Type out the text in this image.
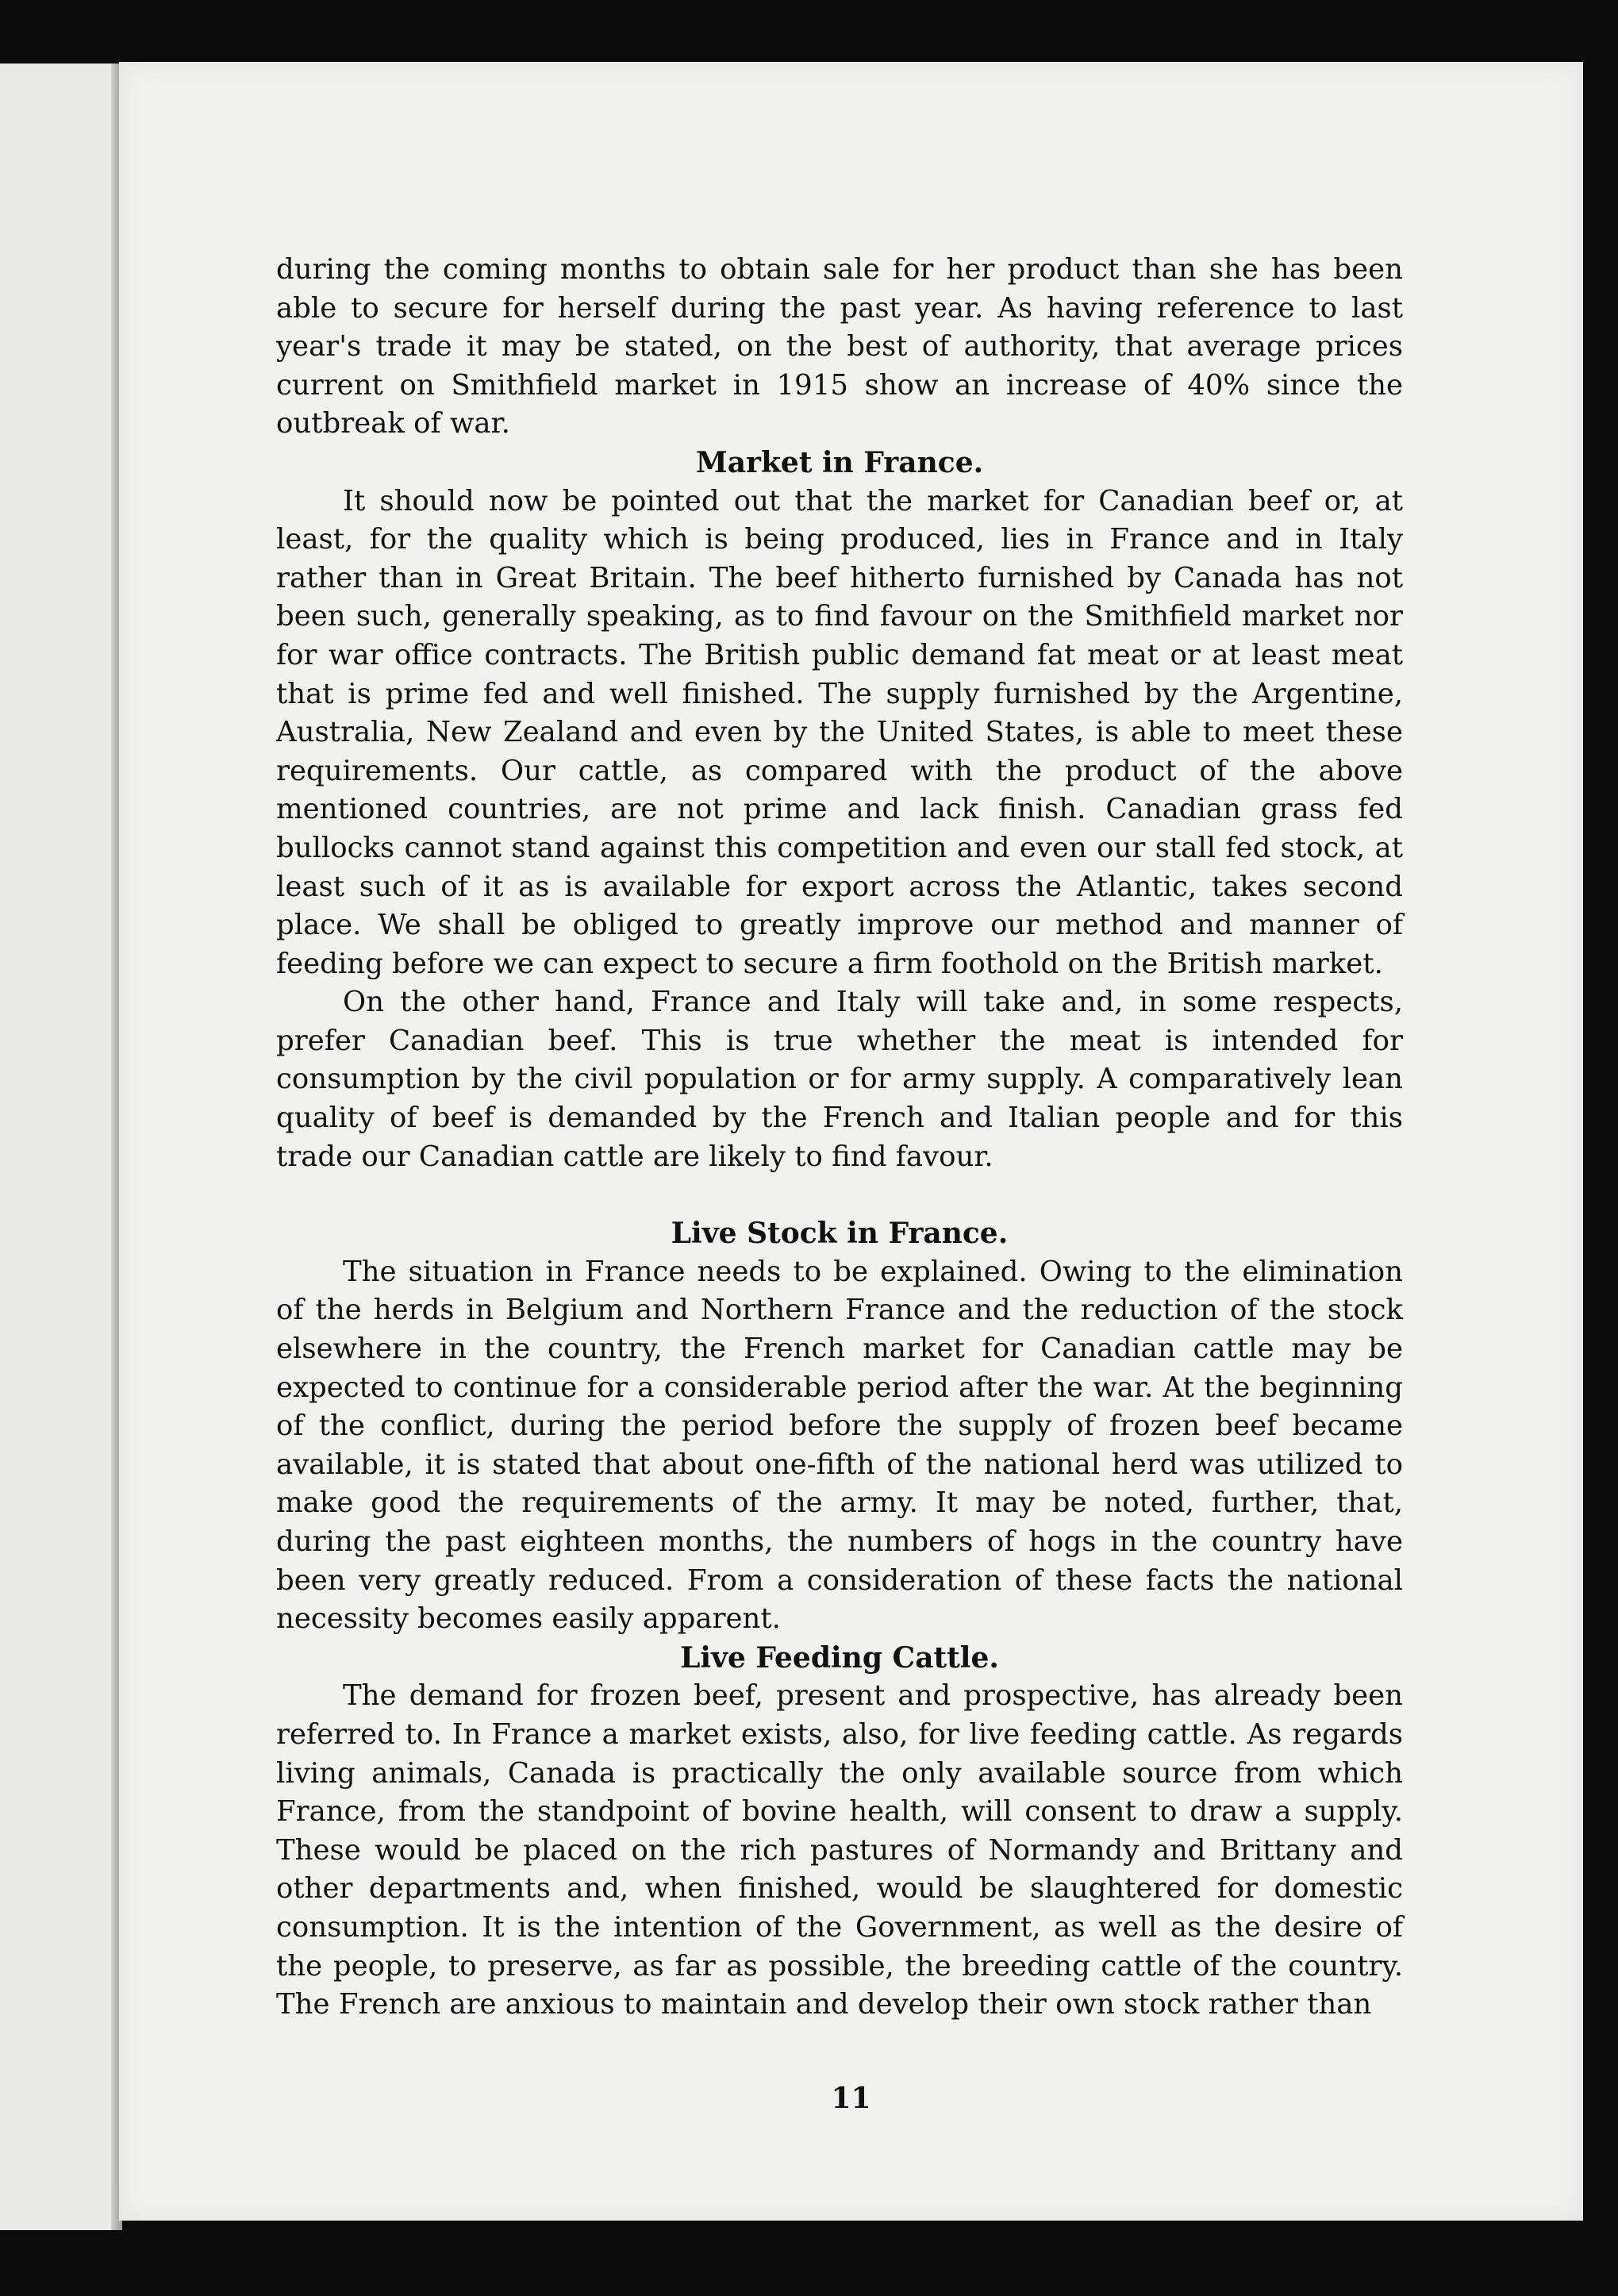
during the coming months to obtain sale for her product than she has been able to secure for herself during the past year. As having reference to last year's trade it may be stated, on the best of authority, that average prices current on Smithfield market in 1915 show an increase of 40% since the outbreak of war.

Market in France.

It should now be pointed out that the market for Canadian beef or, at least, for the quality which is being produced, lies in France and in Italy rather than in Great Britain. The beef hitherto furnished by Canada has not been such, generally speaking, as to find favour on the Smithfield market nor for war office contracts. The British public demand fat meat or at least meat that is prime fed and well finished. The supply furnished by the Argentine, Australia, New Zealand and even by the United States, is able to meet these requirements. Our cattle, as compared with the product of the above mentioned countries, are not prime and lack finish. Canadian grass fed bullocks cannot stand against this competition and even our stall fed stock, at least such of it as is available for export across the Atlantic, takes second place. We shall be obliged to greatly improve our method and manner of feeding before we can expect to secure a firm foothold on the British market.

On the other hand, France and Italy will take and, in some respects, prefer Canadian beef. This is true whether the meat is intended for consumption by the civil population or for army supply. A comparatively lean quality of beef is demanded by the French and Italian people and for this trade our Canadian cattle are likely to find favour.

Live Stock in France.

The situation in France needs to be explained. Owing to the elimination of the herds in Belgium and Northern France and the reduction of the stock elsewhere in the country, the French market for Canadian cattle may be expected to continue for a considerable period after the war. At the beginning of the conflict, during the period before the supply of frozen beef became available, it is stated that about one-fifth of the national herd was utilized to make good the requirements of the army. It may be noted, further, that, during the past eighteen months, the numbers of hogs in the country have been very greatly reduced. From a consideration of these facts the national necessity becomes easily apparent.

Live Feeding Cattle.

The demand for frozen beef, present and prospective, has already been referred to. In France a market exists, also, for live feeding cattle. As regards living animals, Canada is practically the only available source from which France, from the standpoint of bovine health, will consent to draw a supply. These would be placed on the rich pastures of Normandy and Brittany and other departments and, when finished, would be slaughtered for domestic consumption. It is the intention of the Government, as well as the desire of the people, to preserve, as far as possible, the breeding cattle of the country. The French are anxious to maintain and develop their own stock rather than

11
